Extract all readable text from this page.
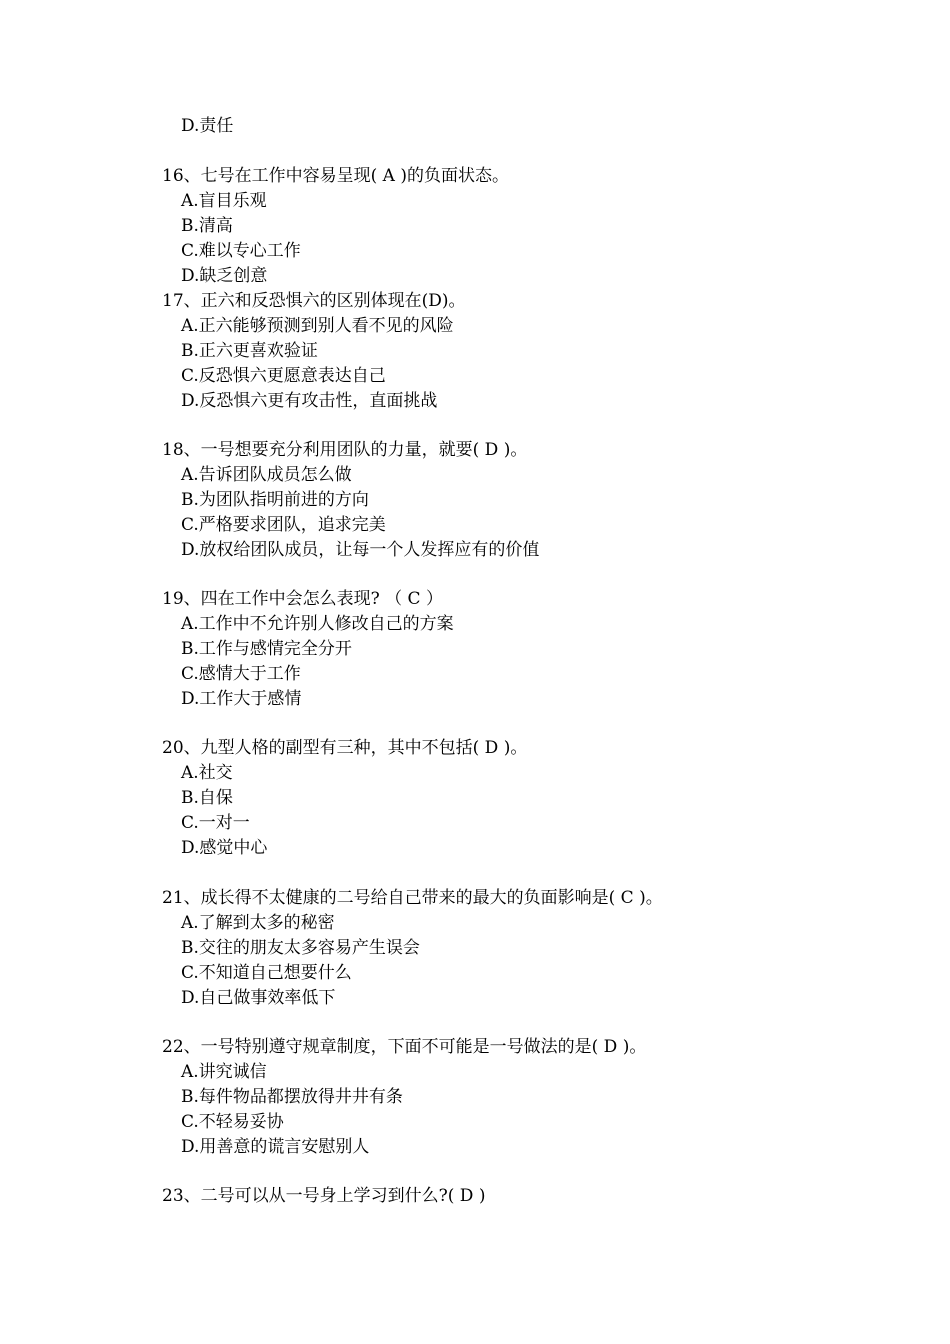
D.责任

16、七号在工作中容易呈现( A )的负面状态。

A.盲目乐观

B.清高

C.难以专心工作

D.缺乏创意

17、正六和反恐惧六的区别体现在(D)。

A.正六能够预测到别人看不见的风险

B.正六更喜欢验证

C.反恐惧六更愿意表达自己

D.反恐惧六更有攻击性，直面挑战

18、一号想要充分利用团队的力量，就要( D )。

A.告诉团队成员怎么做

B.为团队指明前进的方向

C.严格要求团队，追求完美

D.放权给团队成员，让每一个人发挥应有的价值

19、四在工作中会怎么表现? （ C ）

A.工作中不允许别人修改自己的方案

B.工作与感情完全分开

C.感情大于工作

D.工作大于感情

20、九型人格的副型有三种，其中不包括( D )。

A.社交

B.自保

C.一对一

D.感觉中心

21、成长得不太健康的二号给自己带来的最大的负面影响是( C )。

A.了解到太多的秘密

B.交往的朋友太多容易产生误会

C.不知道自己想要什么

D.自己做事效率低下

22、一号特别遵守规章制度，下面不可能是一号做法的是( D )。

A.讲究诚信

B.每件物品都摆放得井井有条

C.不轻易妥协

D.用善意的谎言安慰别人

23、二号可以从一号身上学习到什么?( D )
